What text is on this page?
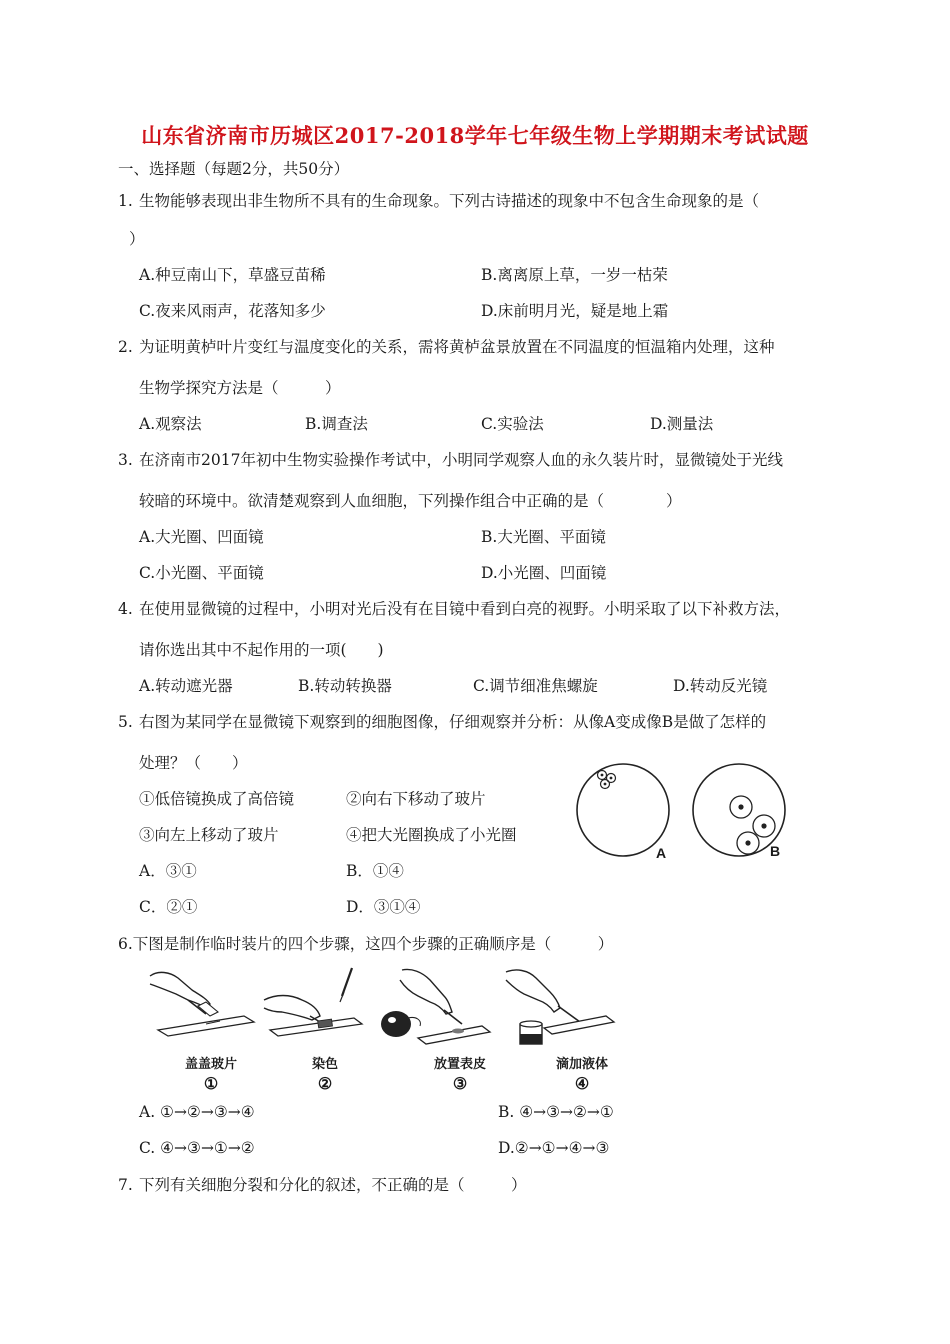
山东省济南市历城区2017-2018学年七年级生物上学期期末考试试题
一、选择题（每题2分，共50分）
1. 生物能够表现出非生物所不具有的生命现象。下列古诗描述的现象中不包含生命现象的是（
）
A.种豆南山下，草盛豆苗稀	B.离离原上草，一岁一枯荣
C.夜来风雨声，花落知多少	D.床前明月光，疑是地上霜
2. 为证明黄栌叶片变红与温度变化的关系，需将黄栌盆景放置在不同温度的恒温箱内处理，这种
生物学探究方法是（　　　）
A.观察法	B.调查法	C.实验法	D.测量法
3. 在济南市2017年初中生物实验操作考试中，小明同学观察人血的永久装片时，显微镜处于光线
较暗的环境中。欲清楚观察到人血细胞，下列操作组合中正确的是（　　　　）
A.大光圈、凹面镜	B.大光圈、平面镜
C.小光圈、平面镜	D.小光圈、凹面镜
4. 在使用显微镜的过程中，小明对光后没有在目镜中看到白亮的视野。小明采取了以下补救方法，
请你选出其中不起作用的一项(　　)
A.转动遮光器	B.转动转换器	C.调节细准焦螺旋	D.转动反光镜
5. 右图为某同学在显微镜下观察到的细胞图像，仔细观察并分析：从像A变成像B是做了怎样的
处理？（　　）
①低倍镜换成了高倍镜	②向右下移动了玻片
③向左上移动了玻片	④把大光圈换成了小光圈
A．③①	B．①④
C．②①	D．③①④
A	B
6.下图是制作临时装片的四个步骤，这四个步骤的正确顺序是（　　　）
盖盖玻片
①
染色
②
放置表皮
③
滴加液体
④
A. ①→②→③→④	B. ④→③→②→①
C. ④→③→①→②	D.②→①→④→③
7. 下列有关细胞分裂和分化的叙述，不正确的是（　　　）
